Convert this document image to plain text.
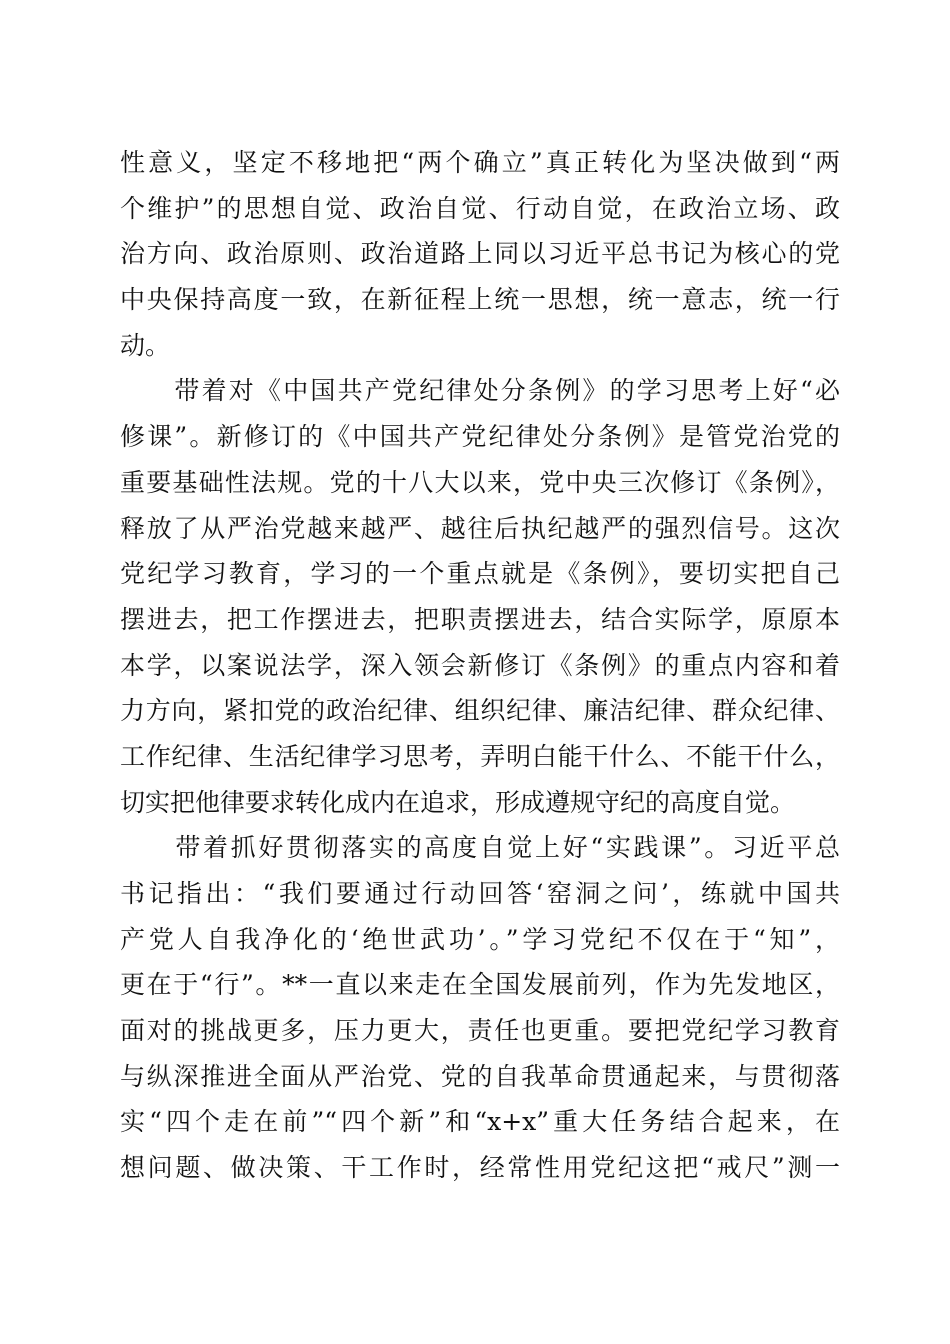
性意义，坚定不移地把“两个确立”真正转化为坚决做到“两
个维护”的思想自觉、政治自觉、行动自觉，在政治立场、政
治方向、政治原则、政治道路上同以习近平总书记为核心的党
中央保持高度一致，在新征程上统一思想，统一意志，统一行
动。
　　带着对《中国共产党纪律处分条例》的学习思考上好“必
修课”。新修订的《中国共产党纪律处分条例》是管党治党的
重要基础性法规。党的十八大以来，党中央三次修订《条例》，
释放了从严治党越来越严、越往后执纪越严的强烈信号。这次
党纪学习教育，学习的一个重点就是《条例》，要切实把自己
摆进去，把工作摆进去，把职责摆进去，结合实际学，原原本
本学，以案说法学，深入领会新修订《条例》的重点内容和着
力方向，紧扣党的政治纪律、组织纪律、廉洁纪律、群众纪律、
工作纪律、生活纪律学习思考，弄明白能干什么、不能干什么，
切实把他律要求转化成内在追求，形成遵规守纪的高度自觉。
　　带着抓好贯彻落实的高度自觉上好“实践课”。习近平总
书记指出：“我们要通过行动回答‘窑洞之问’，练就中国共
产党人自我净化的‘绝世武功’。”学习党纪不仅在于“知”，
更在于“行”。**一直以来走在全国发展前列，作为先发地区，
面对的挑战更多，压力更大，责任也更重。要把党纪学习教育
与纵深推进全面从严治党、党的自我革命贯通起来，与贯彻落
实“四个走在前”“四个新”和“x+x”重大任务结合起来，在
想问题、做决策、干工作时，经常性用党纪这把“戒尺”测一
